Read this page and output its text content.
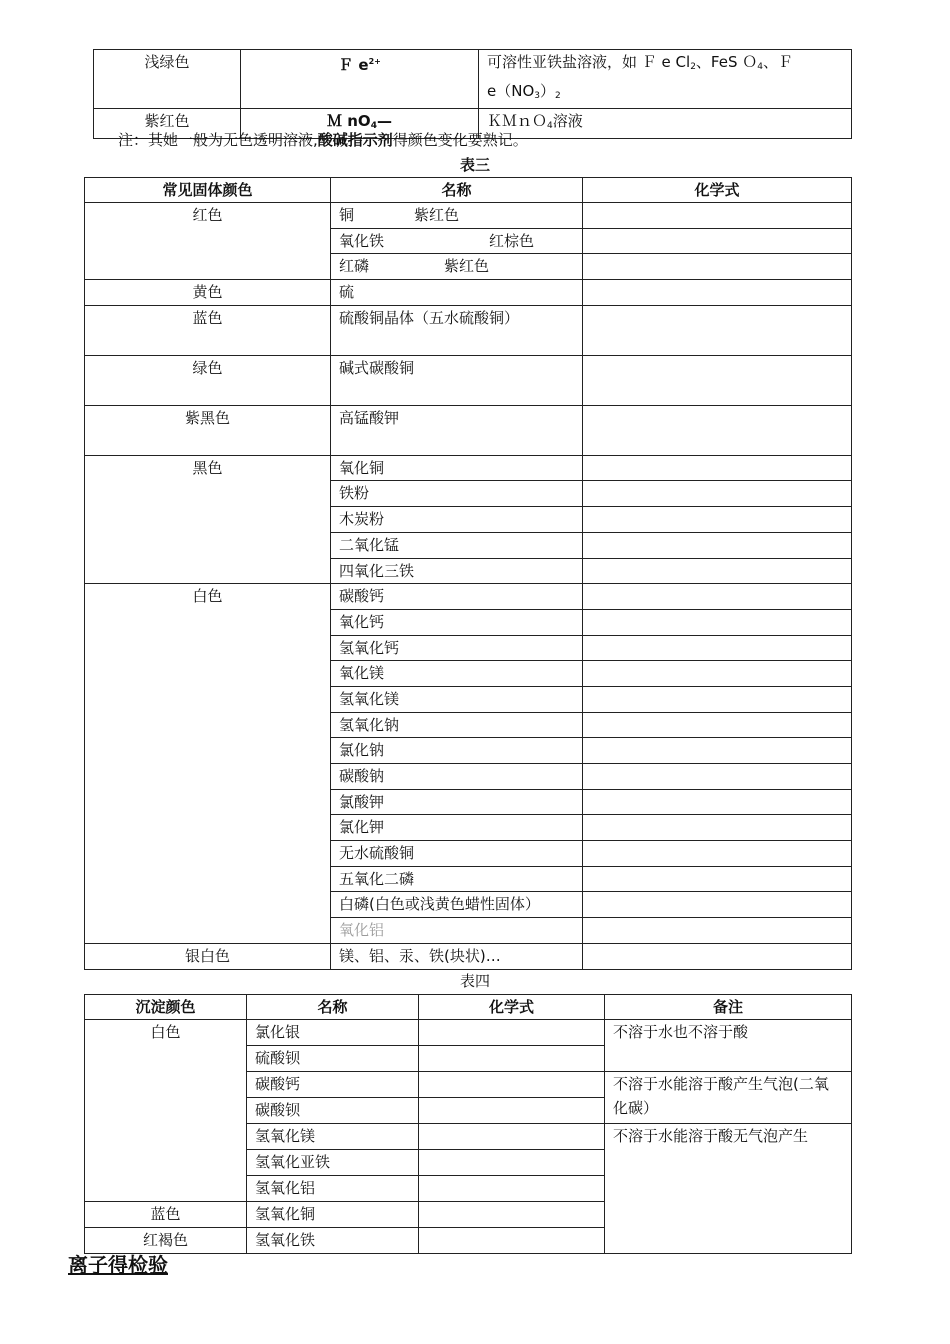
浅绿色	Ｆ $e^{2+}$	可溶性亚铁盐溶液，如 Ｆ e $Cl_2$、FeS Ｏ$_4$、Ｆ
$e(NO_3)_2$
紫红色	Ｍ $nO_4—$	ＫＭｎＯ$_4$溶液
注：其她一般为无色透明溶液,酸碱指示剂得颜色变化要熟记。
表三
常见固体颜色	名称	化学式
红色	铜　　　　紫红色	
	氧化铁　　　　　　　红棕色	
	红磷　　　　　紫红色	
黄色	硫	
蓝色	硫酸铜晶体（五水硫酸铜）	
绿色	碱式碳酸铜	
紫黑色	高锰酸钾	
黑色	氧化铜	
	铁粉	
	木炭粉	
	二氧化锰	
	四氧化三铁	
白色	碳酸钙	
	氧化钙	
	氢氧化钙	
	氧化镁	
	氢氧化镁	
	氢氧化钠	
	氯化钠	
	碳酸钠	
	氯酸钾	
	氯化钾	
	无水硫酸铜	
	五氧化二磷	
	白磷(白色或浅黄色蜡性固体）	
	氧化铝	
银白色	镁、铝、汞、铁(块状)…	
表四
沉淀颜色	名称	化学式	备注
白色	氯化银		不溶于水也不溶于酸
	硫酸钡		
	碳酸钙		不溶于水能溶于酸产生气泡(二氧化碳）
	碳酸钡		
	氢氧化镁		不溶于水能溶于酸无气泡产生
	氢氧化亚铁		
	氢氧化铝		
蓝色	氢氧化铜		
红褐色	氢氧化铁		
离子得检验
